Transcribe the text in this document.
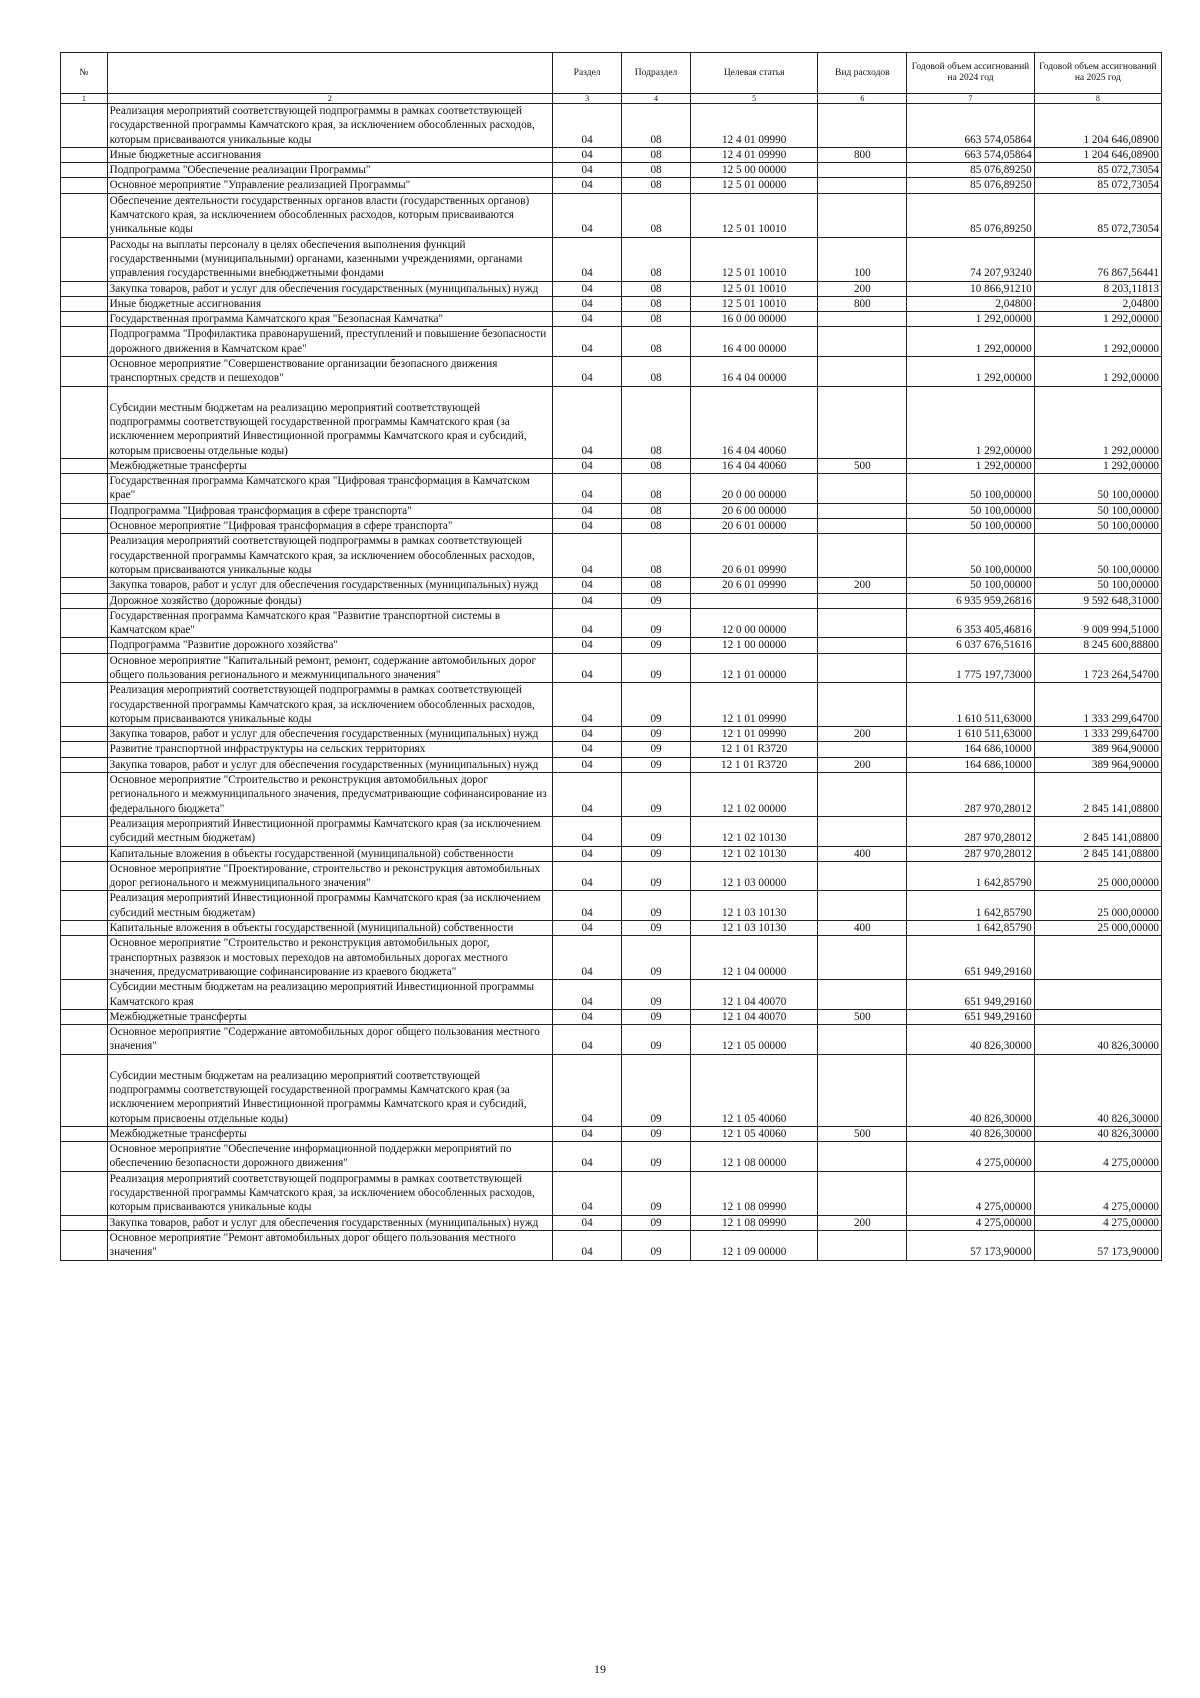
№		Раздел	Подраздел	Целевая статья	Вид расходов	Годовой объем ассигнований на 2024 год	Годовой объем ассигнований на 2025 год
1	2	3	4	5	6	7	8
	Реализация мероприятий соответствующей подпрограммы в рамках соответствующей государственной программы Камчатского края, за исключением обособленных расходов, которым присваиваются уникальные коды	04	08	12 4 01 09990		663 574,05864	1 204 646,08900
	Иные бюджетные ассигнования	04	08	12 4 01 09990	800	663 574,05864	1 204 646,08900
	Подпрограмма "Обеспечение реализации Программы"	04	08	12 5 00 00000		85 076,89250	85 072,73054
	Основное мероприятие "Управление реализацией Программы"	04	08	12 5 01 00000		85 076,89250	85 072,73054
	Обеспечение деятельности государственных органов власти (государственных органов) Камчатского края, за исключением обособленных расходов, которым присваиваются уникальные коды	04	08	12 5 01 10010		85 076,89250	85 072,73054
	Расходы на выплаты персоналу в целях обеспечения выполнения функций государственными (муниципальными) органами, казенными учреждениями, органами управления государственными внебюджетными фондами	04	08	12 5 01 10010	100	74 207,93240	76 867,56441
	Закупка товаров, работ и услуг для обеспечения государственных (муниципальных) нужд	04	08	12 5 01 10010	200	10 866,91210	8 203,11813
	Иные бюджетные ассигнования	04	08	12 5 01 10010	800	2,04800	2,04800
	Государственная программа Камчатского края "Безопасная Камчатка"	04	08	16 0 00 00000		1 292,00000	1 292,00000
	Подпрограмма "Профилактика правонарушений, преступлений и повышение безопасности дорожного движения в Камчатском крае"	04	08	16 4 00 00000		1 292,00000	1 292,00000
	Основное мероприятие "Совершенствование организации безопасного движения транспортных средств и пешеходов"	04	08	16 4 04 00000		1 292,00000	1 292,00000
	Субсидии местным бюджетам на реализацию мероприятий соответствующей подпрограммы соответствующей государственной программы Камчатского края (за исключением мероприятий Инвестиционной программы Камчатского края и субсидий, которым присвоены отдельные коды)	04	08	16 4 04 40060		1 292,00000	1 292,00000
	Межбюджетные трансферты	04	08	16 4 04 40060	500	1 292,00000	1 292,00000
	Государственная программа Камчатского края "Цифровая трансформация в Камчатском крае"	04	08	20 0 00 00000		50 100,00000	50 100,00000
	Подпрограмма "Цифровая трансформация в сфере транспорта"	04	08	20 6 00 00000		50 100,00000	50 100,00000
	Основное мероприятие "Цифровая трансформация в сфере транспорта"	04	08	20 6 01 00000		50 100,00000	50 100,00000
	Реализация мероприятий соответствующей подпрограммы в рамках соответствующей государственной программы Камчатского края, за исключением обособленных расходов, которым присваиваются уникальные коды	04	08	20 6 01 09990		50 100,00000	50 100,00000
	Закупка товаров, работ и услуг для обеспечения государственных (муниципальных) нужд	04	08	20 6 01 09990	200	50 100,00000	50 100,00000
	Дорожное хозяйство (дорожные фонды)	04	09			6 935 959,26816	9 592 648,31000
	Государственная программа Камчатского края "Развитие транспортной системы в Камчатском крае"	04	09	12 0 00 00000		6 353 405,46816	9 009 994,51000
	Подпрограмма "Развитие дорожного хозяйства"	04	09	12 1 00 00000		6 037 676,51616	8 245 600,88800
	Основное мероприятие "Капитальный ремонт, ремонт, содержание автомобильных дорог общего пользования регионального и межмуниципального значения"	04	09	12 1 01 00000		1 775 197,73000	1 723 264,54700
	Реализация мероприятий соответствующей подпрограммы в рамках соответствующей государственной программы Камчатского края, за исключением обособленных расходов, которым присваиваются уникальные коды	04	09	12 1 01 09990		1 610 511,63000	1 333 299,64700
	Закупка товаров, работ и услуг для обеспечения государственных (муниципальных) нужд	04	09	12 1 01 09990	200	1 610 511,63000	1 333 299,64700
	Развитие транспортной инфраструктуры на сельских территориях	04	09	12 1 01 R3720		164 686,10000	389 964,90000
	Закупка товаров, работ и услуг для обеспечения государственных (муниципальных) нужд	04	09	12 1 01 R3720	200	164 686,10000	389 964,90000
	Основное мероприятие "Строительство и реконструкция автомобильных дорог регионального и межмуниципального значения, предусматривающие софинансирование из федерального бюджета"	04	09	12 1 02 00000		287 970,28012	2 845 141,08800
	Реализация мероприятий Инвестиционной программы Камчатского края (за исключением субсидий местным бюджетам)	04	09	12 1 02 10130		287 970,28012	2 845 141,08800
	Капитальные вложения в объекты государственной (муниципальной) собственности	04	09	12 1 02 10130	400	287 970,28012	2 845 141,08800
	Основное мероприятие "Проектирование, строительство и реконструкция автомобильных дорог регионального и межмуниципального значения"	04	09	12 1 03 00000		1 642,85790	25 000,00000
	Реализация мероприятий Инвестиционной программы Камчатского края (за исключением субсидий местным бюджетам)	04	09	12 1 03 10130		1 642,85790	25 000,00000
	Капитальные вложения в объекты государственной (муниципальной) собственности	04	09	12 1 03 10130	400	1 642,85790	25 000,00000
	Основное мероприятие "Строительство и реконструкция автомобильных дорог, транспортных развязок и мостовых переходов на автомобильных дорогах местного значения, предусматривающие софинансирование из краевого бюджета"	04	09	12 1 04 00000		651 949,29160	
	Субсидии местным бюджетам на реализацию мероприятий Инвестиционной программы Камчатского края	04	09	12 1 04 40070		651 949,29160	
	Межбюджетные трансферты	04	09	12 1 04 40070	500	651 949,29160	
	Основное мероприятие "Содержание автомобильных дорог общего пользования местного значения"	04	09	12 1 05 00000		40 826,30000	40 826,30000
	Субсидии местным бюджетам на реализацию мероприятий соответствующей подпрограммы соответствующей государственной программы Камчатского края (за исключением мероприятий Инвестиционной программы Камчатского края и субсидий, которым присвоены отдельные коды)	04	09	12 1 05 40060		40 826,30000	40 826,30000
	Межбюджетные трансферты	04	09	12 1 05 40060	500	40 826,30000	40 826,30000
	Основное мероприятие "Обеспечение информационной поддержки мероприятий по обеспечению безопасности дорожного движения"	04	09	12 1 08 00000		4 275,00000	4 275,00000
	Реализация мероприятий соответствующей подпрограммы в рамках соответствующей государственной программы Камчатского края, за исключением обособленных расходов, которым присваиваются уникальные коды	04	09	12 1 08 09990		4 275,00000	4 275,00000
	Закупка товаров, работ и услуг для обеспечения государственных (муниципальных) нужд	04	09	12 1 08 09990	200	4 275,00000	4 275,00000
	Основное мероприятие "Ремонт автомобильных дорог общего пользования местного значения"	04	09	12 1 09 00000		57 173,90000	57 173,90000
19
